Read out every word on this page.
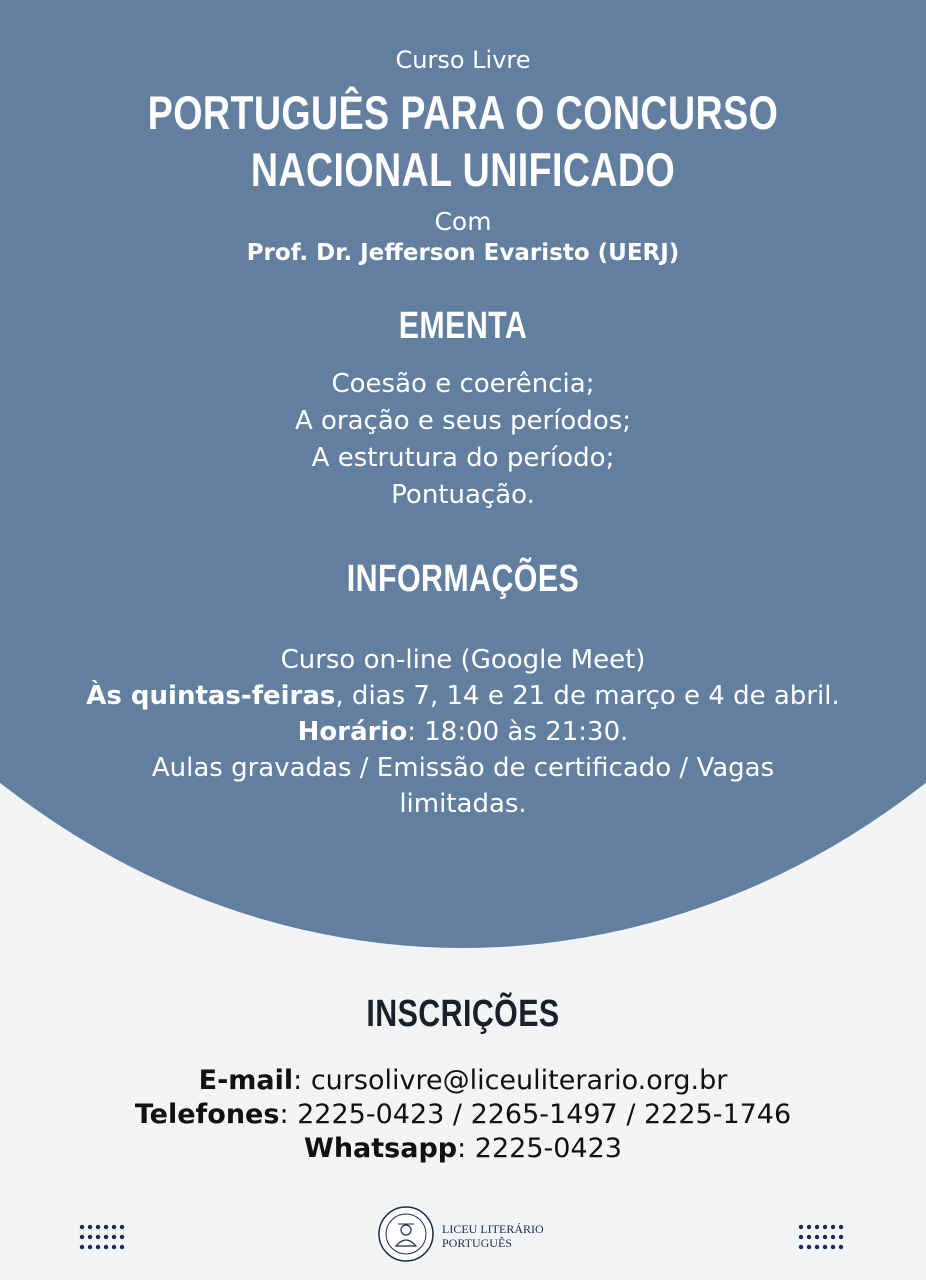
Curso Livre
PORTUGUÊS PARA O CONCURSO
NACIONAL UNIFICADO
Com
Prof. Dr. Jefferson Evaristo (UERJ)
EMENTA
Coesão e coerência;
A oração e seus períodos;
A estrutura do período;
Pontuação.
INFORMAÇÕES

Curso on-line (Google Meet)

Às quintas-feiras, dias 7, 14 e 21 de março e 4 de abril.

Horário: 18:00 às 21:30.

Aulas gravadas / Emissão de certificado / Vagas

limitadas.

INSCRIÇÕES

E-mail: cursolivre@liceuliterario.org.br

Telefones: 2225-0423 / 2265-1497 / 2225-1746

Whatsapp: 2225-0423

LICEU LITERÁRIO
PORTUGUÊS
